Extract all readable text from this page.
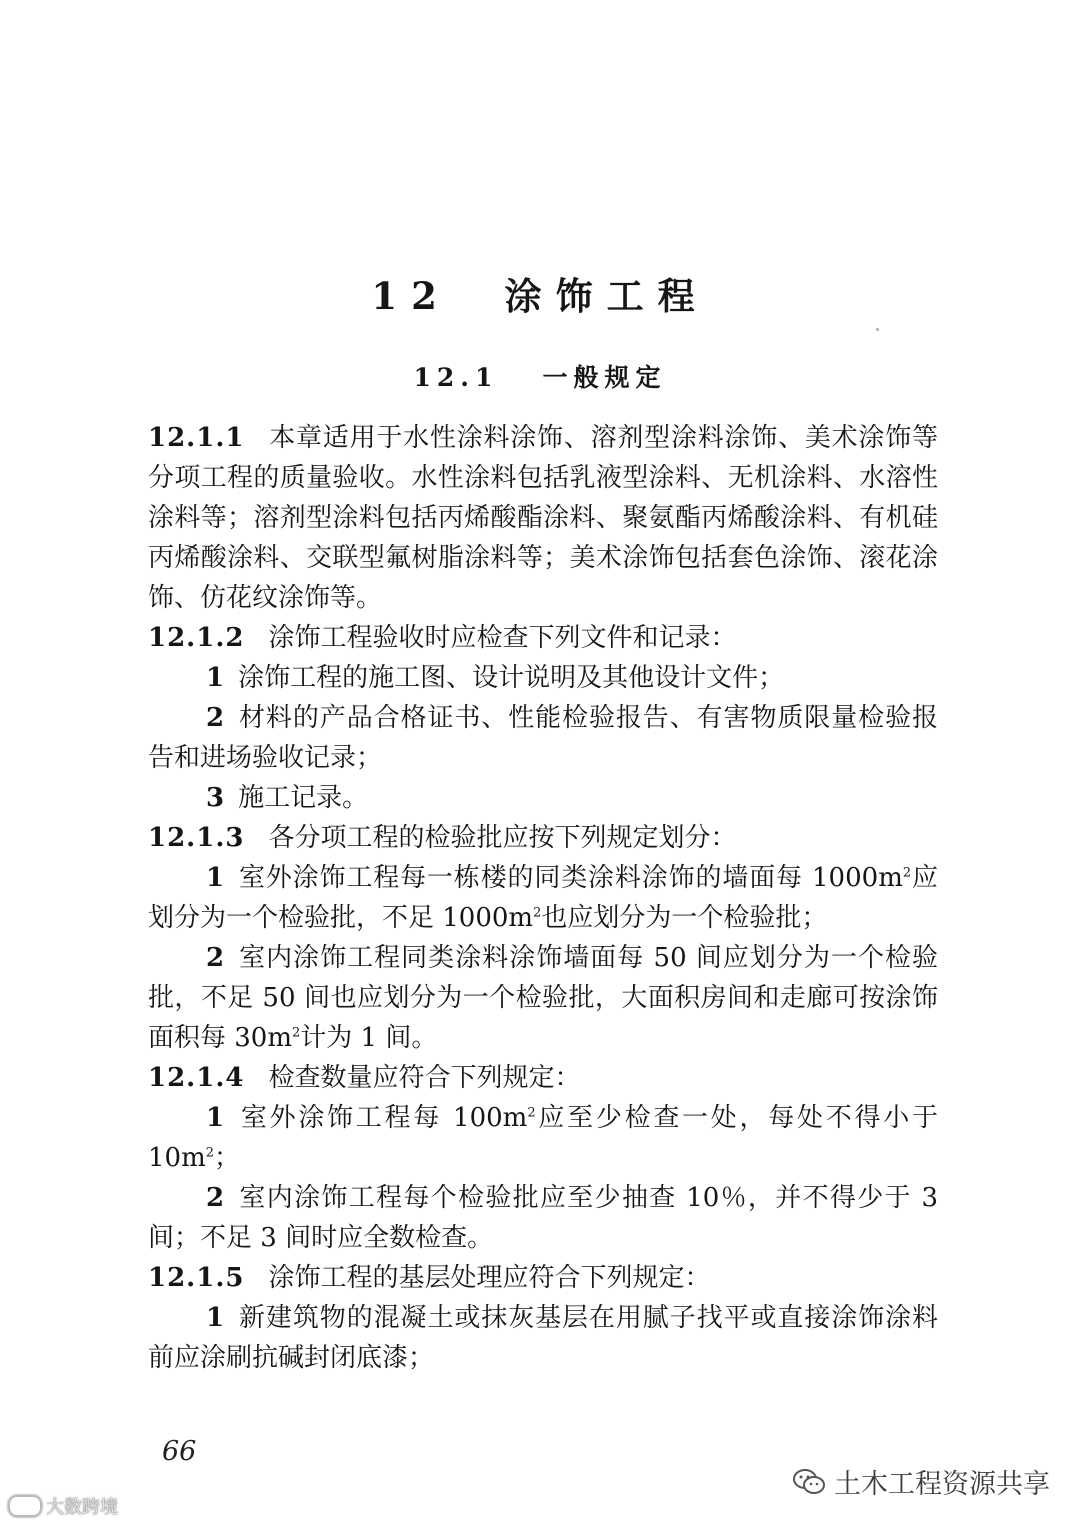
12 涂饰工程
12.1 一般规定

12.1.1 本章适用于水性涂料涂饰、溶剂型涂料涂饰、美术涂饰等分项工程的质量验收。水性涂料包括乳液型涂料、无机涂料、水溶性涂料等；溶剂型涂料包括丙烯酸酯涂料、聚氨酯丙烯酸涂料、有机硅丙烯酸涂料、交联型氟树脂涂料等；美术涂饰包括套色涂饰、滚花涂饰、仿花纹涂饰等。

12.1.2 涂饰工程验收时应检查下列文件和记录：

1 涂饰工程的施工图、设计说明及其他设计文件；

2 材料的产品合格证书、性能检验报告、有害物质限量检验报告和进场验收记录；

3 施工记录。

12.1.3 各分项工程的检验批应按下列规定划分：

1 室外涂饰工程每一栋楼的同类涂料涂饰的墙面每 $1000m^2$应划分为一个检验批，不足 $1000m^2$也应划分为一个检验批；

2 室内涂饰工程同类涂料涂饰墙面每 50 间应划分为一个检验批，不足 50 间也应划分为一个检验批，大面积房间和走廊可按涂饰面积每 $30m^2$计为 1 间。

12.1.4 检查数量应符合下列规定：

1 室外涂饰工程每 $100m^2$应至少检查一处，每处不得小于 $10m^2$；

2 室内涂饰工程每个检验批应至少抽查 10％，并不得少于 3 间；不足 3 间时应全数检查。

12.1.5 涂饰工程的基层处理应符合下列规定：

1 新建筑物的混凝土或抹灰基层在用腻子找平或直接涂饰涂料前应涂刷抗碱封闭底漆；

66
大数跨境
土木工程资源共享
